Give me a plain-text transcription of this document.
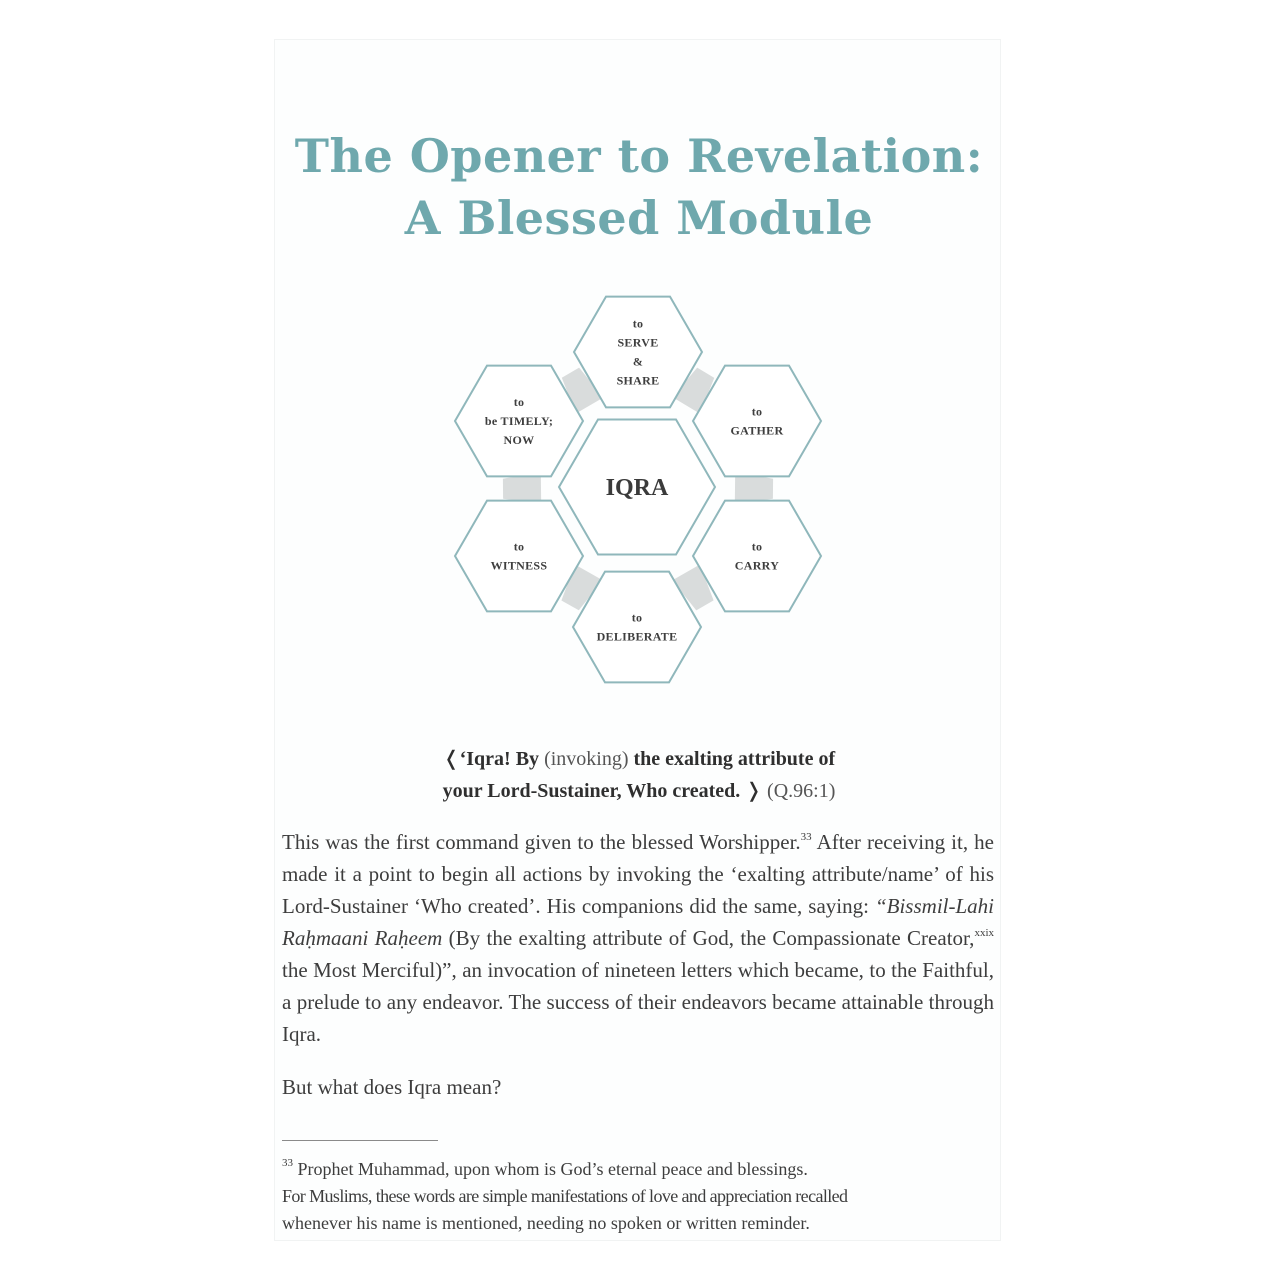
The Opener to Revelation:
A Blessed Module
IQRA
to
SERVE
&
SHARE
to
GATHER
to
CARRY
to
DELIBERATE
to
WITNESS
to
be TIMELY;
NOW
❬‘Iqra! By (invoking) the exalting attribute of
your Lord-Sustainer, Who created. ❭ (Q.96:1)
This was the first command given to the blessed Worshipper.$^{33}$ After receiving it, he made it a point to begin all actions by invoking the ‘exalting attribute/name’ of his Lord-Sustainer ‘Who created’. His companions did the same, saying: “Bissmil-Lahi Raḥmaani Raḥeem (By the exalting attribute of God, the Compassionate Creator,$^{xxix}$ the Most Merciful)”, an invocation of nineteen letters which became, to the Faithful, a prelude to any endeavor. The success of their endeavors became attainable through Iqra.
But what does Iqra mean?
$^{33}$ Prophet Muhammad, upon whom is God’s eternal peace and blessings.
For Muslims, these words are simple manifestations of love and appreciation recalled
whenever his name is mentioned, needing no spoken or written reminder.
